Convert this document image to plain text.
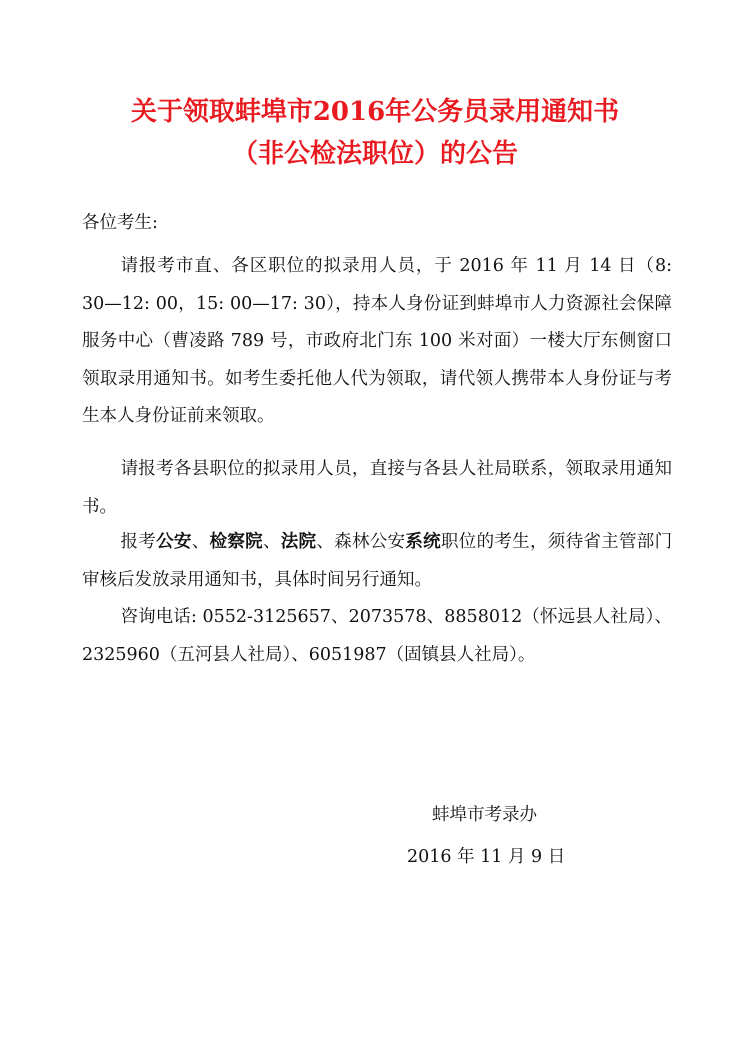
关于领取蚌埠市2016年公务员录用通知书
（非公检法职位）的公告
各位考生:
请报考市直、各区职位的拟录用人员，于 2016 年 11 月 14 日（8: 30—12: 00，15: 00—17: 30），持本人身份证到蚌埠市人力资源社会保障服务中心（曹凌路 789 号，市政府北门东 100 米对面）一楼大厅东侧窗口领取录用通知书。如考生委托他人代为领取，请代领人携带本人身份证与考生本人身份证前来领取。
请报考各县职位的拟录用人员，直接与各县人社局联系，领取录用通知书。
报考公安、检察院、法院、森林公安系统职位的考生，须待省主管部门审核后发放录用通知书，具体时间另行通知。
咨询电话: 0552-3125657、2073578、8858012（怀远县人社局）、2325960（五河县人社局）、6051987（固镇县人社局）。
蚌埠市考录办
2016 年 11 月 9 日
